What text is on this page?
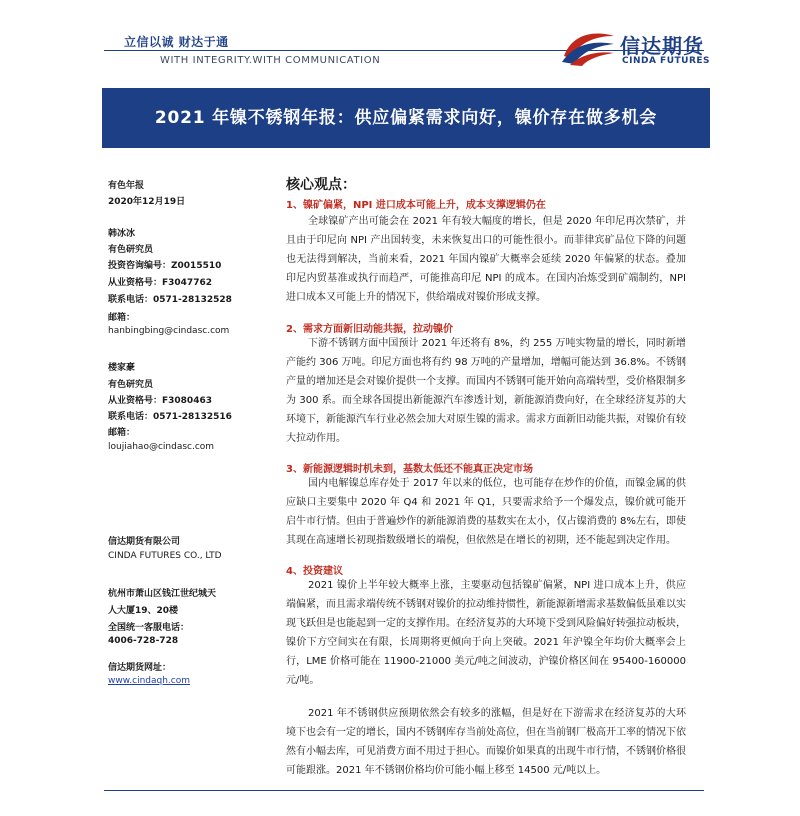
立信以诚 财达于通
WITH INTEGRITY.WITH COMMUNICATION
信达期货
CINDA FUTURES
2021 年镍不锈钢年报：供应偏紧需求向好，镍价存在做多机会
有色年报
2020年12月19日
韩冰冰
有色研究员
投资咨询编号：Z0015510
从业资格号：F3047762
联系电话：0571-28132528
邮箱：
hanbingbing@cindasc.com
楼家豪
有色研究员
从业资格号：F3080463
联系电话：0571-28132516
邮箱：
loujiahao@cindasc.com
信达期货有限公司
CINDA FUTURES CO., LTD
杭州市萧山区钱江世纪城天
人大厦19、20楼
全国统一客服电话：
4006-728-728
信达期货网址：
www.cindaqh.com
核心观点：
1、镍矿偏紧，NPI 进口成本可能上升，成本支撑逻辑仍在
全球镍矿产出可能会在 2021 年有较大幅度的增长，但是 2020 年印尼再次禁矿，并且由于印尼向 NPI 产出国转变，未来恢复出口的可能性很小。而菲律宾矿品位下降的问题也无法得到解决，当前来看，2021 年国内镍矿大概率会延续 2020 年偏紧的状态。叠加印尼内贸基准或执行而趋严，可能推高印尼 NPI 的成本。在国内冶炼受到矿端制约，NPI 进口成本又可能上升的情况下，供给端成对镍价形成支撑。
2、需求方面新旧动能共振，拉动镍价
下游不锈钢方面中国预计 2021 年还将有 8%，约 255 万吨实物量的增长，同时新增产能约 306 万吨。印尼方面也将有约 98 万吨的产量增加，增幅可能达到 36.8%。不锈钢产量的增加还是会对镍价提供一个支撑。而国内不锈钢可能开始向高端转型，受价格限制多为 300 系。而全球各国提出新能源汽车渗透计划，新能源消费向好，在全球经济复苏的大环境下，新能源汽车行业必然会加大对原生镍的需求。需求方面新旧动能共振，对镍价有较大拉动作用。
3、新能源逻辑时机未到，基数太低还不能真正决定市场
国内电解镍总库存处于 2017 年以来的低位，也可能存在炒作的价值，而镍金属的供应缺口主要集中 2020 年 Q4 和 2021 年 Q1，只要需求给予一个爆发点，镍价就可能开启牛市行情。但由于普遍炒作的新能源消费的基数实在太小，仅占镍消费的 8%左右，即使其现在高速增长初现指数级增长的端倪，但依然是在增长的初期，还不能起到决定作用。
4、投资建议
2021 镍价上半年较大概率上涨，主要驱动包括镍矿偏紧，NPI 进口成本上升，供应端偏紧，而且需求端传统不锈钢对镍价的拉动维持惯性，新能源新增需求基数偏低虽难以实现飞跃但是也能起到一定的支撑作用。在经济复苏的大环境下受到风险偏好转强拉动板块，镍价下方空间实在有限，长周期将更倾向于向上突破。2021 年沪镍全年均价大概率会上行，LME 价格可能在 11900-21000 美元/吨之间波动，沪镍价格区间在 95400-160000 元/吨。
2021 年不锈钢供应预期依然会有较多的涨幅，但是好在下游需求在经济复苏的大环境下也会有一定的增长，国内不锈钢库存当前处高位，但在当前钢厂极高开工率的情况下依然有小幅去库，可见消费方面不用过于担心。而镍价如果真的出现牛市行情，不锈钢价格很可能跟涨。2021 年不锈钢价格均价可能小幅上移至 14500 元/吨以上。
